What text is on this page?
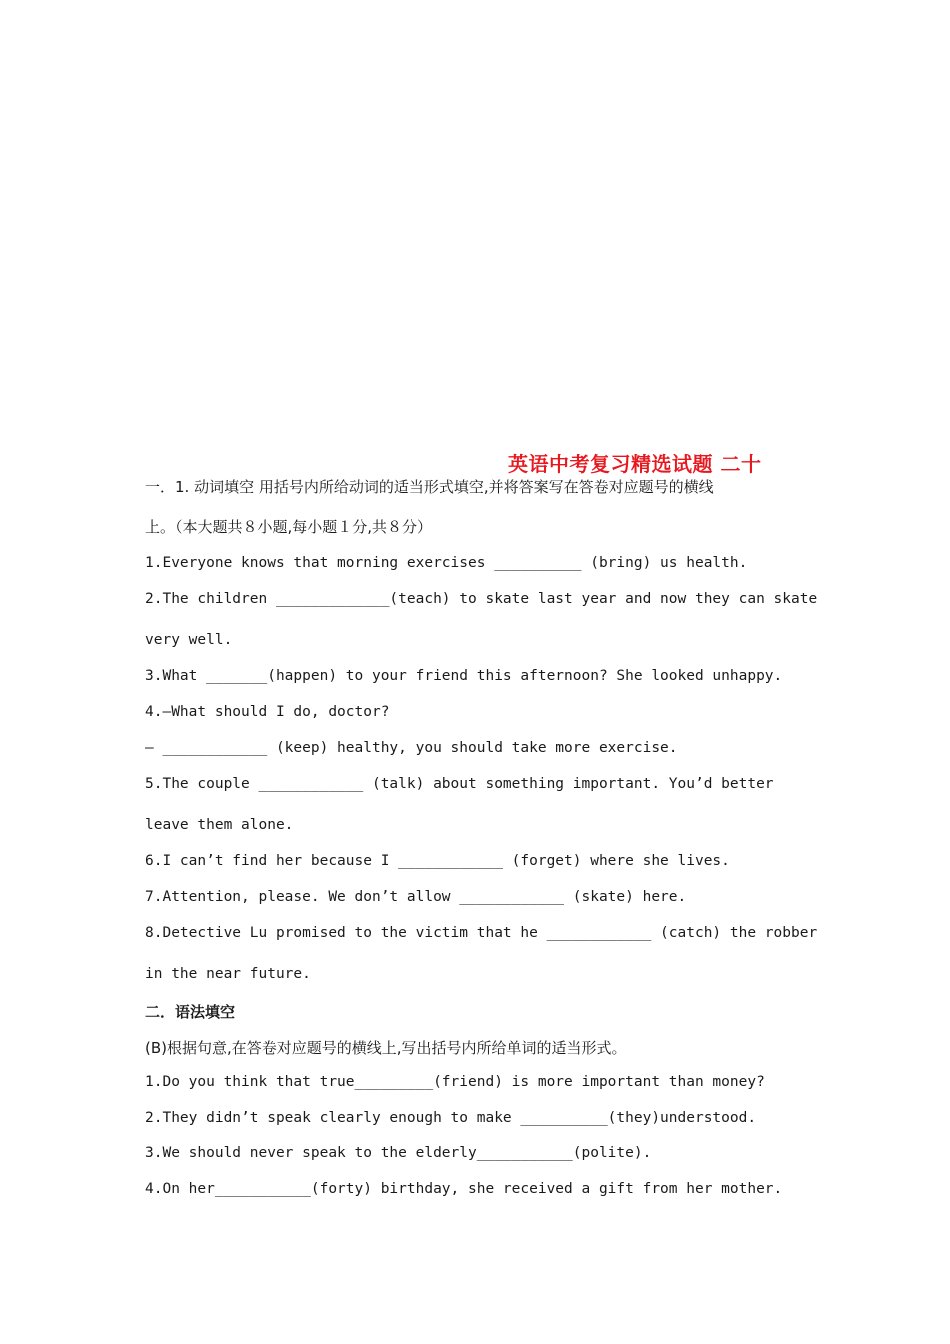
英语中考复习精选试题 二十
一．1. 动词填空 用括号内所给动词的适当形式填空,并将答案写在答卷对应题号的横线
上。（本大题共８小题,每小题１分,共８分）
1.Everyone knows that morning exercises __________ (bring) us health.
2.The children _____________(teach) to skate last year and now they can skate
very well.
3.What _______(happen) to your friend this afternoon? She looked unhappy.
4.—What should I do, doctor?
— ____________ (keep) healthy, you should take more exercise.
5.The couple ____________ (talk) about something important. You’d better
leave them alone.
6.I can’t find her because I ____________ (forget) where she lives.
7.Attention, please. We don’t allow ____________ (skate) here.
8.Detective Lu promised to the victim that he ____________ (catch) the robber
in the near future.
二．语法填空
(B)根据句意,在答卷对应题号的横线上,写出括号内所给单词的适当形式。
1.Do you think that true_________(friend) is more important than money?
2.They didn’t speak clearly enough to make __________(they)understood.
3.We should never speak to the elderly___________(polite).
4.On her___________(forty) birthday, she received a gift from her mother.
